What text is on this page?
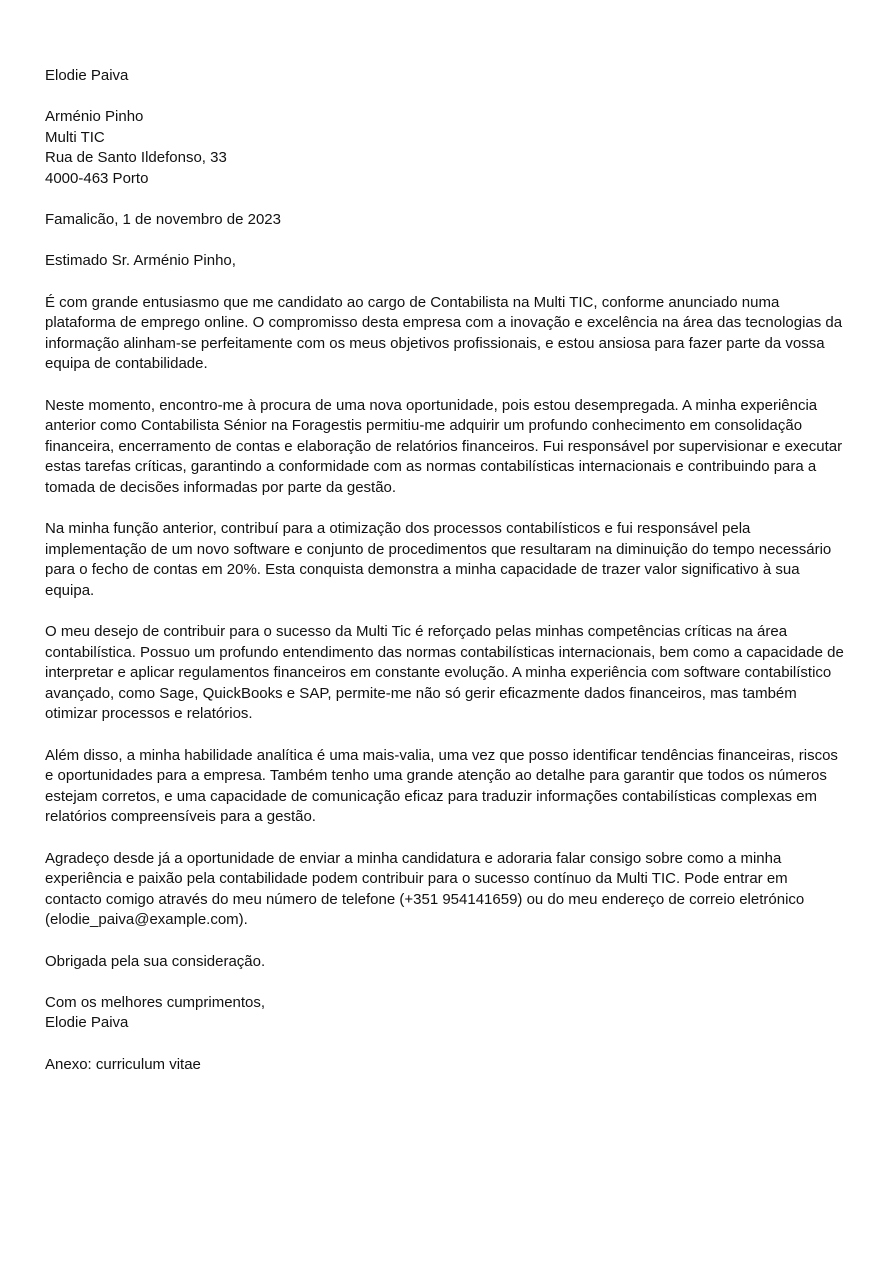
Elodie Paiva
Arménio Pinho
Multi TIC
Rua de Santo Ildefonso, 33
4000-463 Porto
Famalicão, 1 de novembro de 2023
Estimado Sr. Arménio Pinho,
É com grande entusiasmo que me candidato ao cargo de Contabilista na Multi TIC, conforme anunciado numa
plataforma de emprego online. O compromisso desta empresa com a inovação e excelência na área das tecnologias da
informação alinham-se perfeitamente com os meus objetivos profissionais, e estou ansiosa para fazer parte da vossa
equipa de contabilidade.
Neste momento, encontro-me à procura de uma nova oportunidade, pois estou desempregada. A minha experiência
anterior como Contabilista Sénior na Foragestis permitiu-me adquirir um profundo conhecimento em consolidação
financeira, encerramento de contas e elaboração de relatórios financeiros. Fui responsável por supervisionar e executar
estas tarefas críticas, garantindo a conformidade com as normas contabilísticas internacionais e contribuindo para a
tomada de decisões informadas por parte da gestão.
Na minha função anterior, contribuí para a otimização dos processos contabilísticos e fui responsável pela
implementação de um novo software e conjunto de procedimentos que resultaram na diminuição do tempo necessário
para o fecho de contas em 20%. Esta conquista demonstra a minha capacidade de trazer valor significativo à sua
equipa.
O meu desejo de contribuir para o sucesso da Multi Tic é reforçado pelas minhas competências críticas na área
contabilística. Possuo um profundo entendimento das normas contabilísticas internacionais, bem como a capacidade de
interpretar e aplicar regulamentos financeiros em constante evolução. A minha experiência com software contabilístico
avançado, como Sage, QuickBooks e SAP, permite-me não só gerir eficazmente dados financeiros, mas também
otimizar processos e relatórios.
Além disso, a minha habilidade analítica é uma mais-valia, uma vez que posso identificar tendências financeiras, riscos
e oportunidades para a empresa. Também tenho uma grande atenção ao detalhe para garantir que todos os números
estejam corretos, e uma capacidade de comunicação eficaz para traduzir informações contabilísticas complexas em
relatórios compreensíveis para a gestão.
Agradeço desde já a oportunidade de enviar a minha candidatura e adoraria falar consigo sobre como a minha
experiência e paixão pela contabilidade podem contribuir para o sucesso contínuo da Multi TIC. Pode entrar em
contacto comigo através do meu número de telefone (+351 954141659) ou do meu endereço de correio eletrónico
(elodie_paiva@example.com).
Obrigada pela sua consideração.
Com os melhores cumprimentos,
Elodie Paiva
Anexo: curriculum vitae
